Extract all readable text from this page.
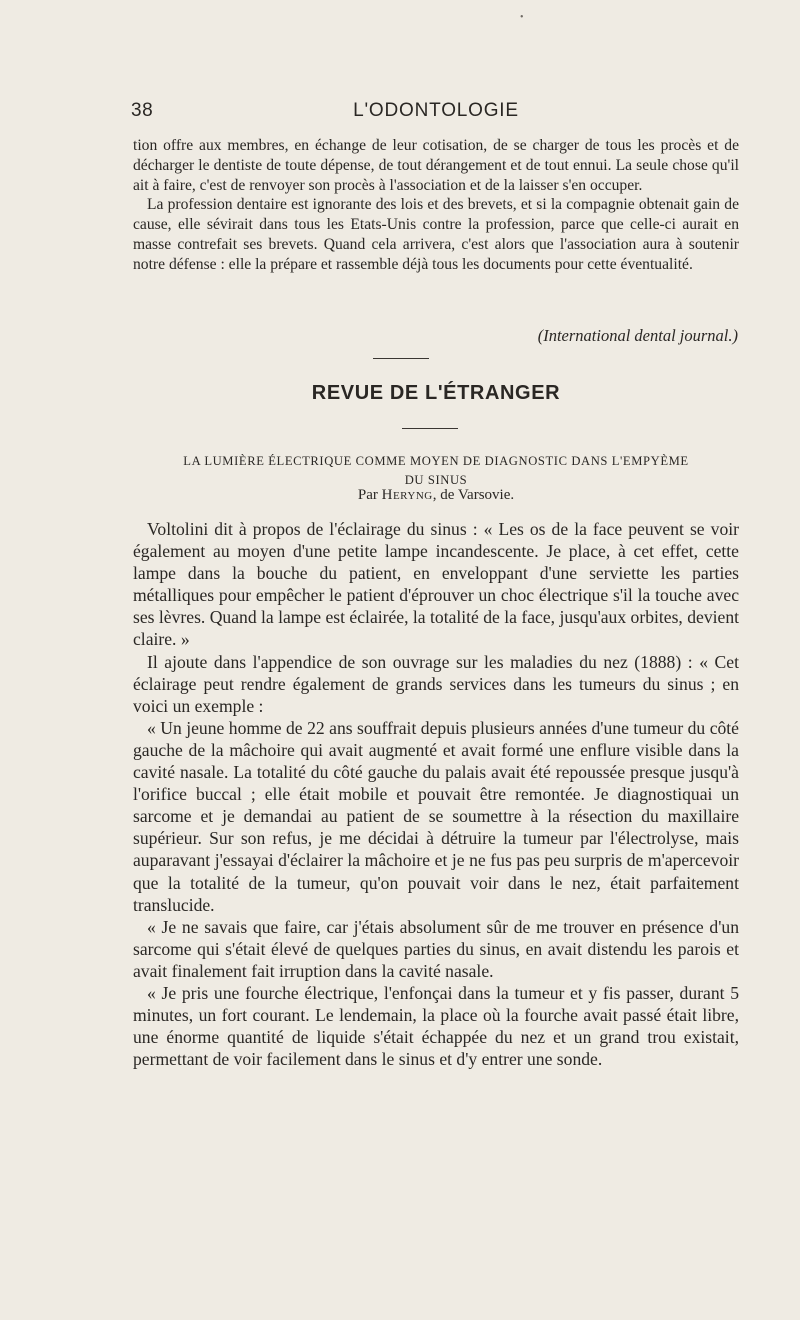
38	L'ODONTOLOGIE

tion offre aux membres, en échange de leur cotisation, de se charger de tous les procès et de décharger le dentiste de toute dépense, de tout dérangement et de tout ennui. La seule chose qu'il ait à faire, c'est de renvoyer son procès à l'association et de la laisser s'en occuper.

La profession dentaire est ignorante des lois et des brevets, et si la compagnie obtenait gain de cause, elle sévirait dans tous les Etats-Unis contre la profession, parce que celle-ci aurait en masse contrefait ses brevets. Quand cela arrivera, c'est alors que l'association aura à soutenir notre défense : elle la prépare et rassemble déjà tous les documents pour cette éventualité.

(International dental journal.)
REVUE DE L'ÉTRANGER
LA LUMIÈRE ÉLECTRIQUE COMME MOYEN DE DIAGNOSTIC DANS L'EMPYÈME
DU SINUS
Par Heryng, de Varsovie.

Voltolini dit à propos de l'éclairage du sinus : « Les os de la face peuvent se voir également au moyen d'une petite lampe incandescente. Je place, à cet effet, cette lampe dans la bouche du patient, en enveloppant d'une serviette les parties métalliques pour empêcher le patient d'éprouver un choc électrique s'il la touche avec ses lèvres. Quand la lampe est éclairée, la totalité de la face, jusqu'aux orbites, devient claire. »

Il ajoute dans l'appendice de son ouvrage sur les maladies du nez (1888) : « Cet éclairage peut rendre également de grands services dans les tumeurs du sinus ; en voici un exemple :

« Un jeune homme de 22 ans souffrait depuis plusieurs années d'une tumeur du côté gauche de la mâchoire qui avait augmenté et avait formé une enflure visible dans la cavité nasale. La totalité du côté gauche du palais avait été repoussée presque jusqu'à l'orifice buccal ; elle était mobile et pouvait être remontée. Je diagnostiquai un sarcome et je demandai au patient de se soumettre à la résection du maxillaire supérieur. Sur son refus, je me décidai à détruire la tumeur par l'électrolyse, mais auparavant j'essayai d'éclairer la mâchoire et je ne fus pas peu surpris de m'apercevoir que la totalité de la tumeur, qu'on pouvait voir dans le nez, était parfaitement translucide.

« Je ne savais que faire, car j'étais absolument sûr de me trouver en présence d'un sarcome qui s'était élevé de quelques parties du sinus, en avait distendu les parois et avait finalement fait irruption dans la cavité nasale.

« Je pris une fourche électrique, l'enfonçai dans la tumeur et y fis passer, durant 5 minutes, un fort courant. Le lendemain, la place où la fourche avait passé était libre, une énorme quantité de liquide s'était échappée du nez et un grand trou existait, permettant de voir facilement dans le sinus et d'y entrer une sonde.

•
